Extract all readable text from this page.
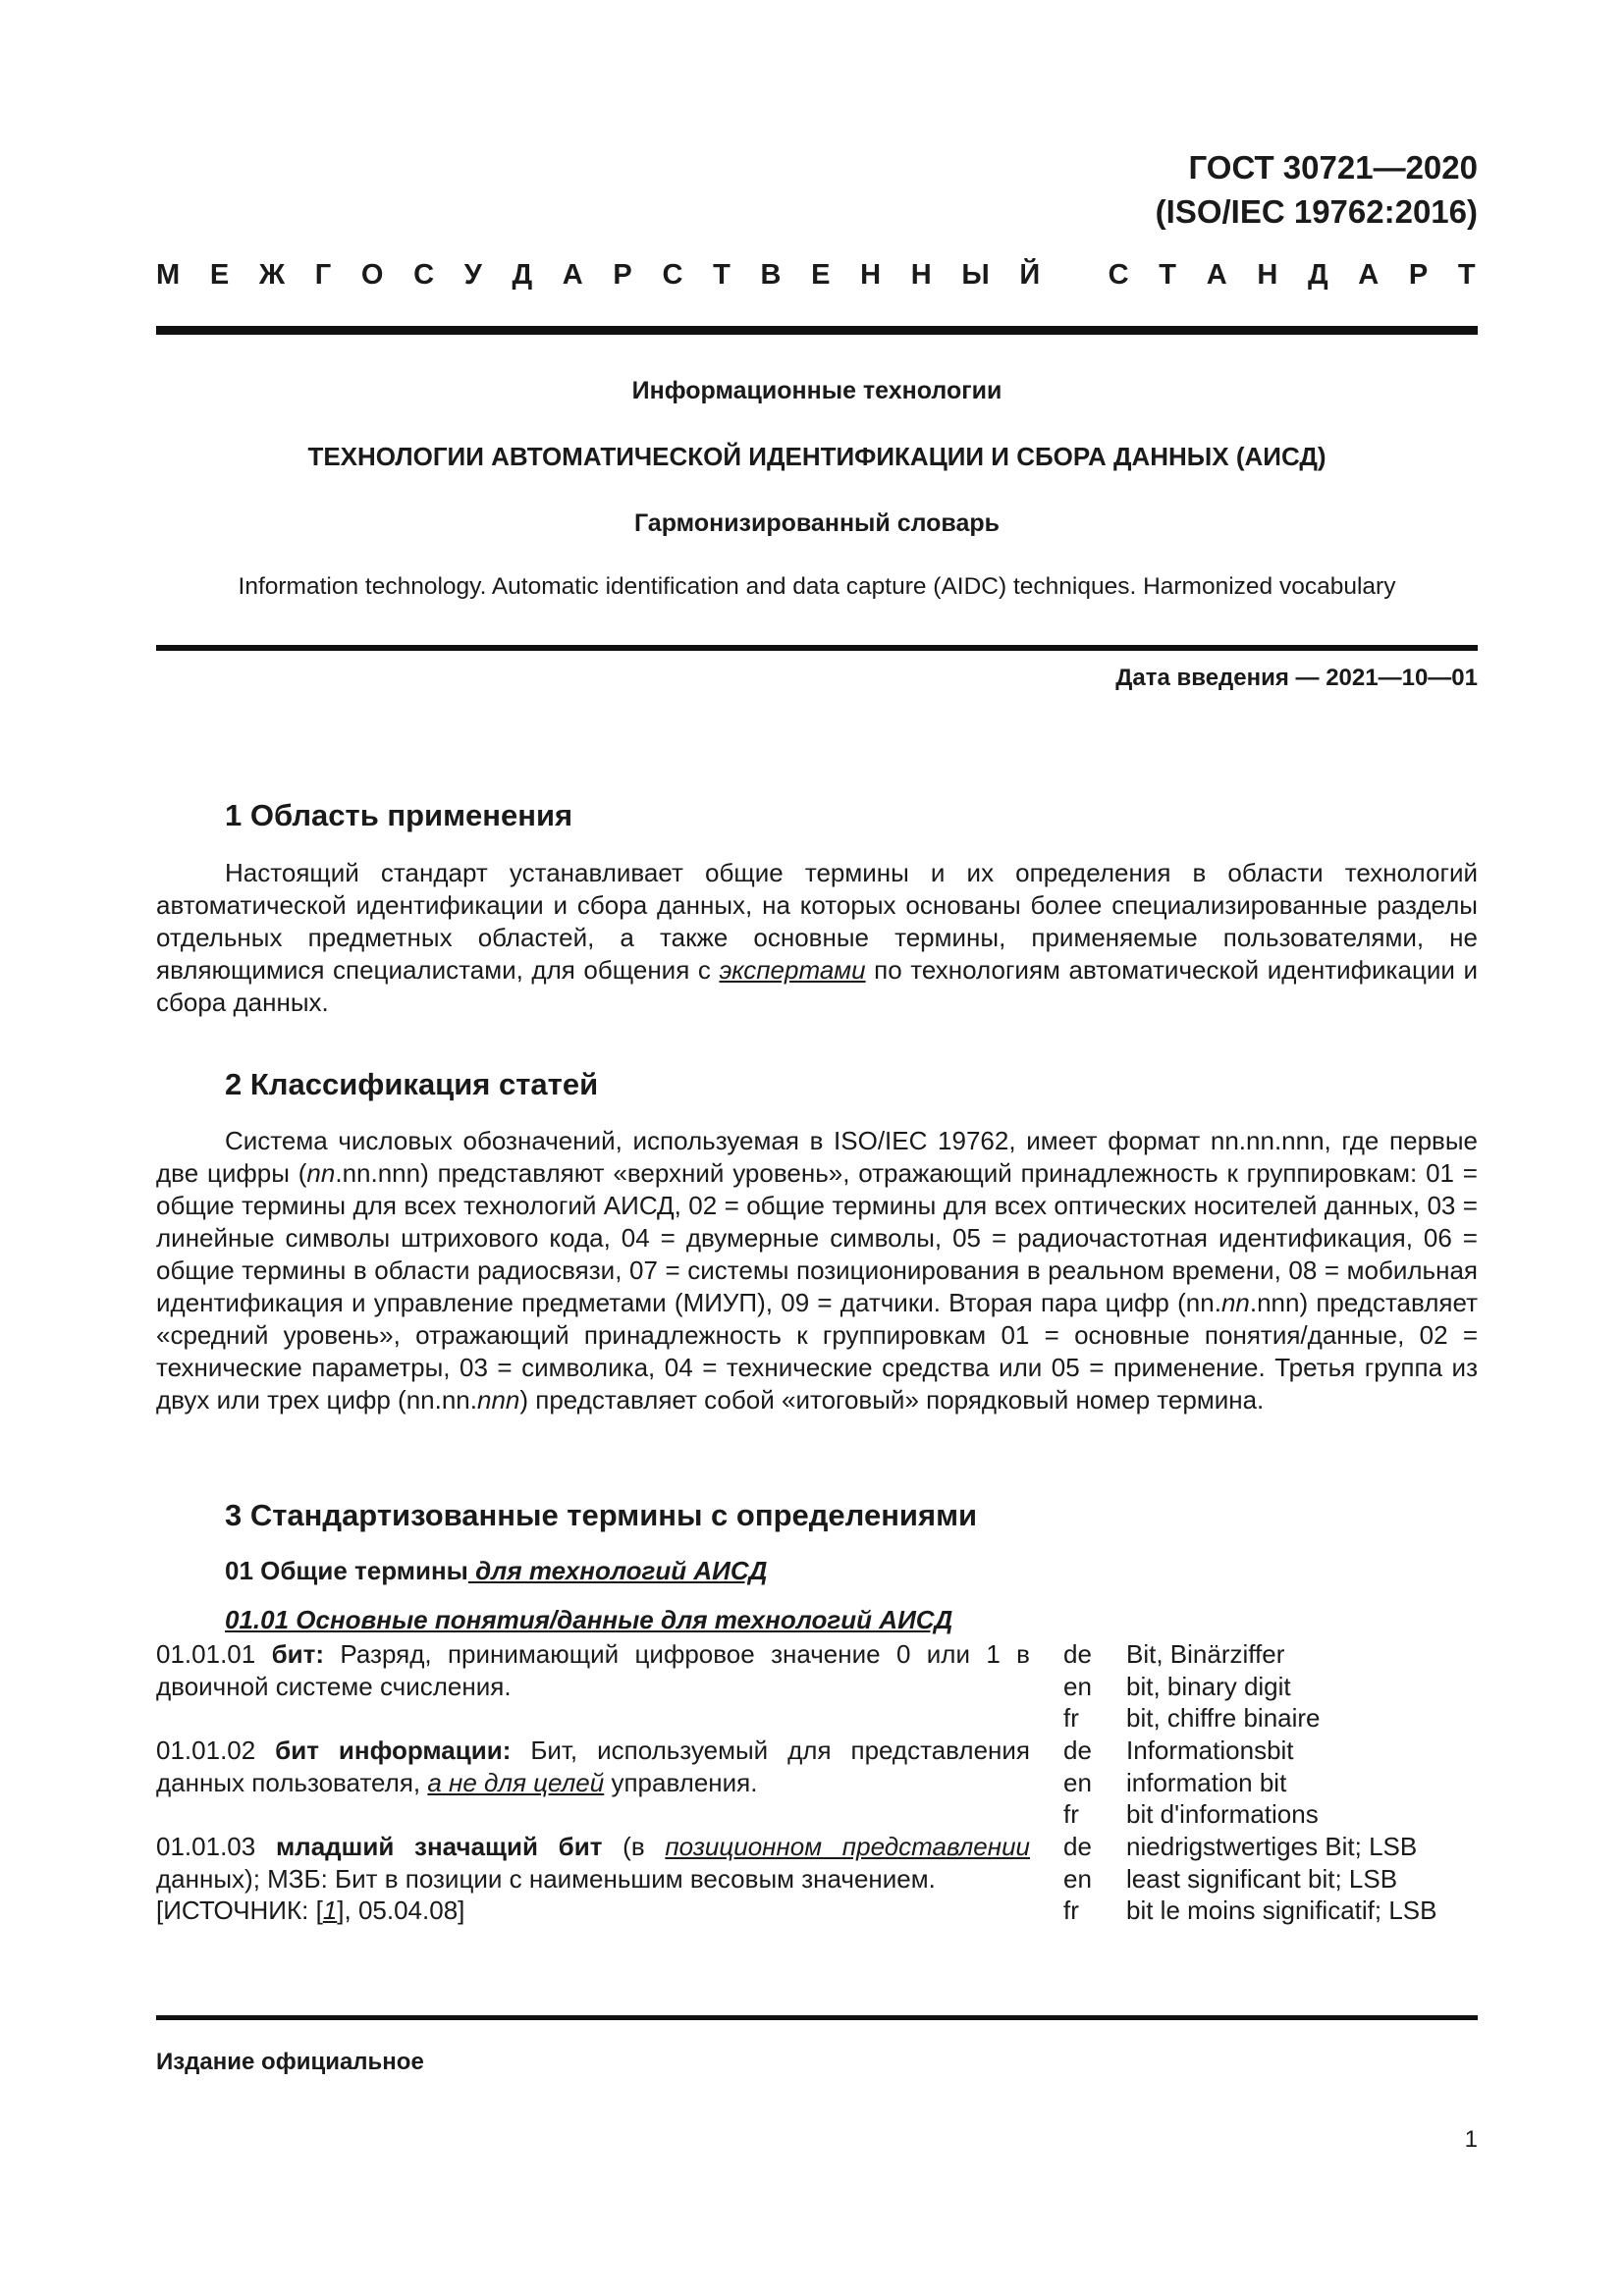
ГОСТ 30721—2020
(ISO/IEC 19762:2016)
М Е Ж Г О С У Д А Р С Т В Е Н Н Ы Й
С Т А Н Д А Р Т
Информационные технологии
ТЕХНОЛОГИИ АВТОМАТИЧЕСКОЙ ИДЕНТИФИКАЦИИ И СБОРА ДАННЫХ (АИСД)
Гармонизированный словарь
Information technology. Automatic identification and data capture (AIDC) techniques. Harmonized vocabulary
Дата введения — 2021—10—01
1 Область применения
Настоящий стандарт устанавливает общие термины и их определения в области технологий автоматической идентификации и сбора данных, на которых основаны более специализированные разделы отдельных предметных областей, а также основные термины, применяемые пользователями, не являющимися специалистами, для общения с экспертами по технологиям автоматической идентификации и сбора данных.
2 Классификация статей
Система числовых обозначений, используемая в ISO/IEC 19762, имеет формат nn.nn.nnn, где первые две цифры (nn.nn.nnn) представляют «верхний уровень», отражающий принадлежность к группировкам: 01 = общие термины для всех технологий АИСД, 02 = общие термины для всех оптических носителей данных, 03 = линейные символы штрихового кода, 04 = двумерные символы, 05 = радиочастотная идентификация, 06 = общие термины в области радиосвязи, 07 = системы позиционирования в реальном времени, 08 = мобильная идентификация и управление предметами (МИУП), 09 = датчики. Вторая пара цифр (nn.nn.nnn) представляет «средний уровень», отражающий принадлежность к группировкам 01 = основные понятия/данные, 02 = технические параметры, 03 = символика, 04 = технические средства или 05 = применение. Третья группа из двух или трех цифр (nn.nn.nnn) представляет собой «итоговый» порядковый номер термина.
3 Стандартизованные термины с определениями
01 Общие термины для технологий АИСД
01.01 Основные понятия/данные для технологий АИСД
01.01.01 бит: Разряд, принимающий цифровое значение 0 или 1 в двоичной системе счисления.
de	Bit, Binärziffer
en	bit, binary digit
fr	bit, chiffre binaire
01.01.02 бит информации: Бит, используемый для представления данных пользователя, а не для целей управления.
de	Informationsbit
en	information bit
fr	bit d'informations
01.01.03 младший значащий бит (в позиционном представлении данных); МЗБ: Бит в позиции с наименьшим весовым значением.
[ИСТОЧНИК: [1], 05.04.08]
de	niedrigstwertiges Bit; LSB
en	least significant bit; LSB
fr	bit le moins significatif; LSB
Издание официальное
1
